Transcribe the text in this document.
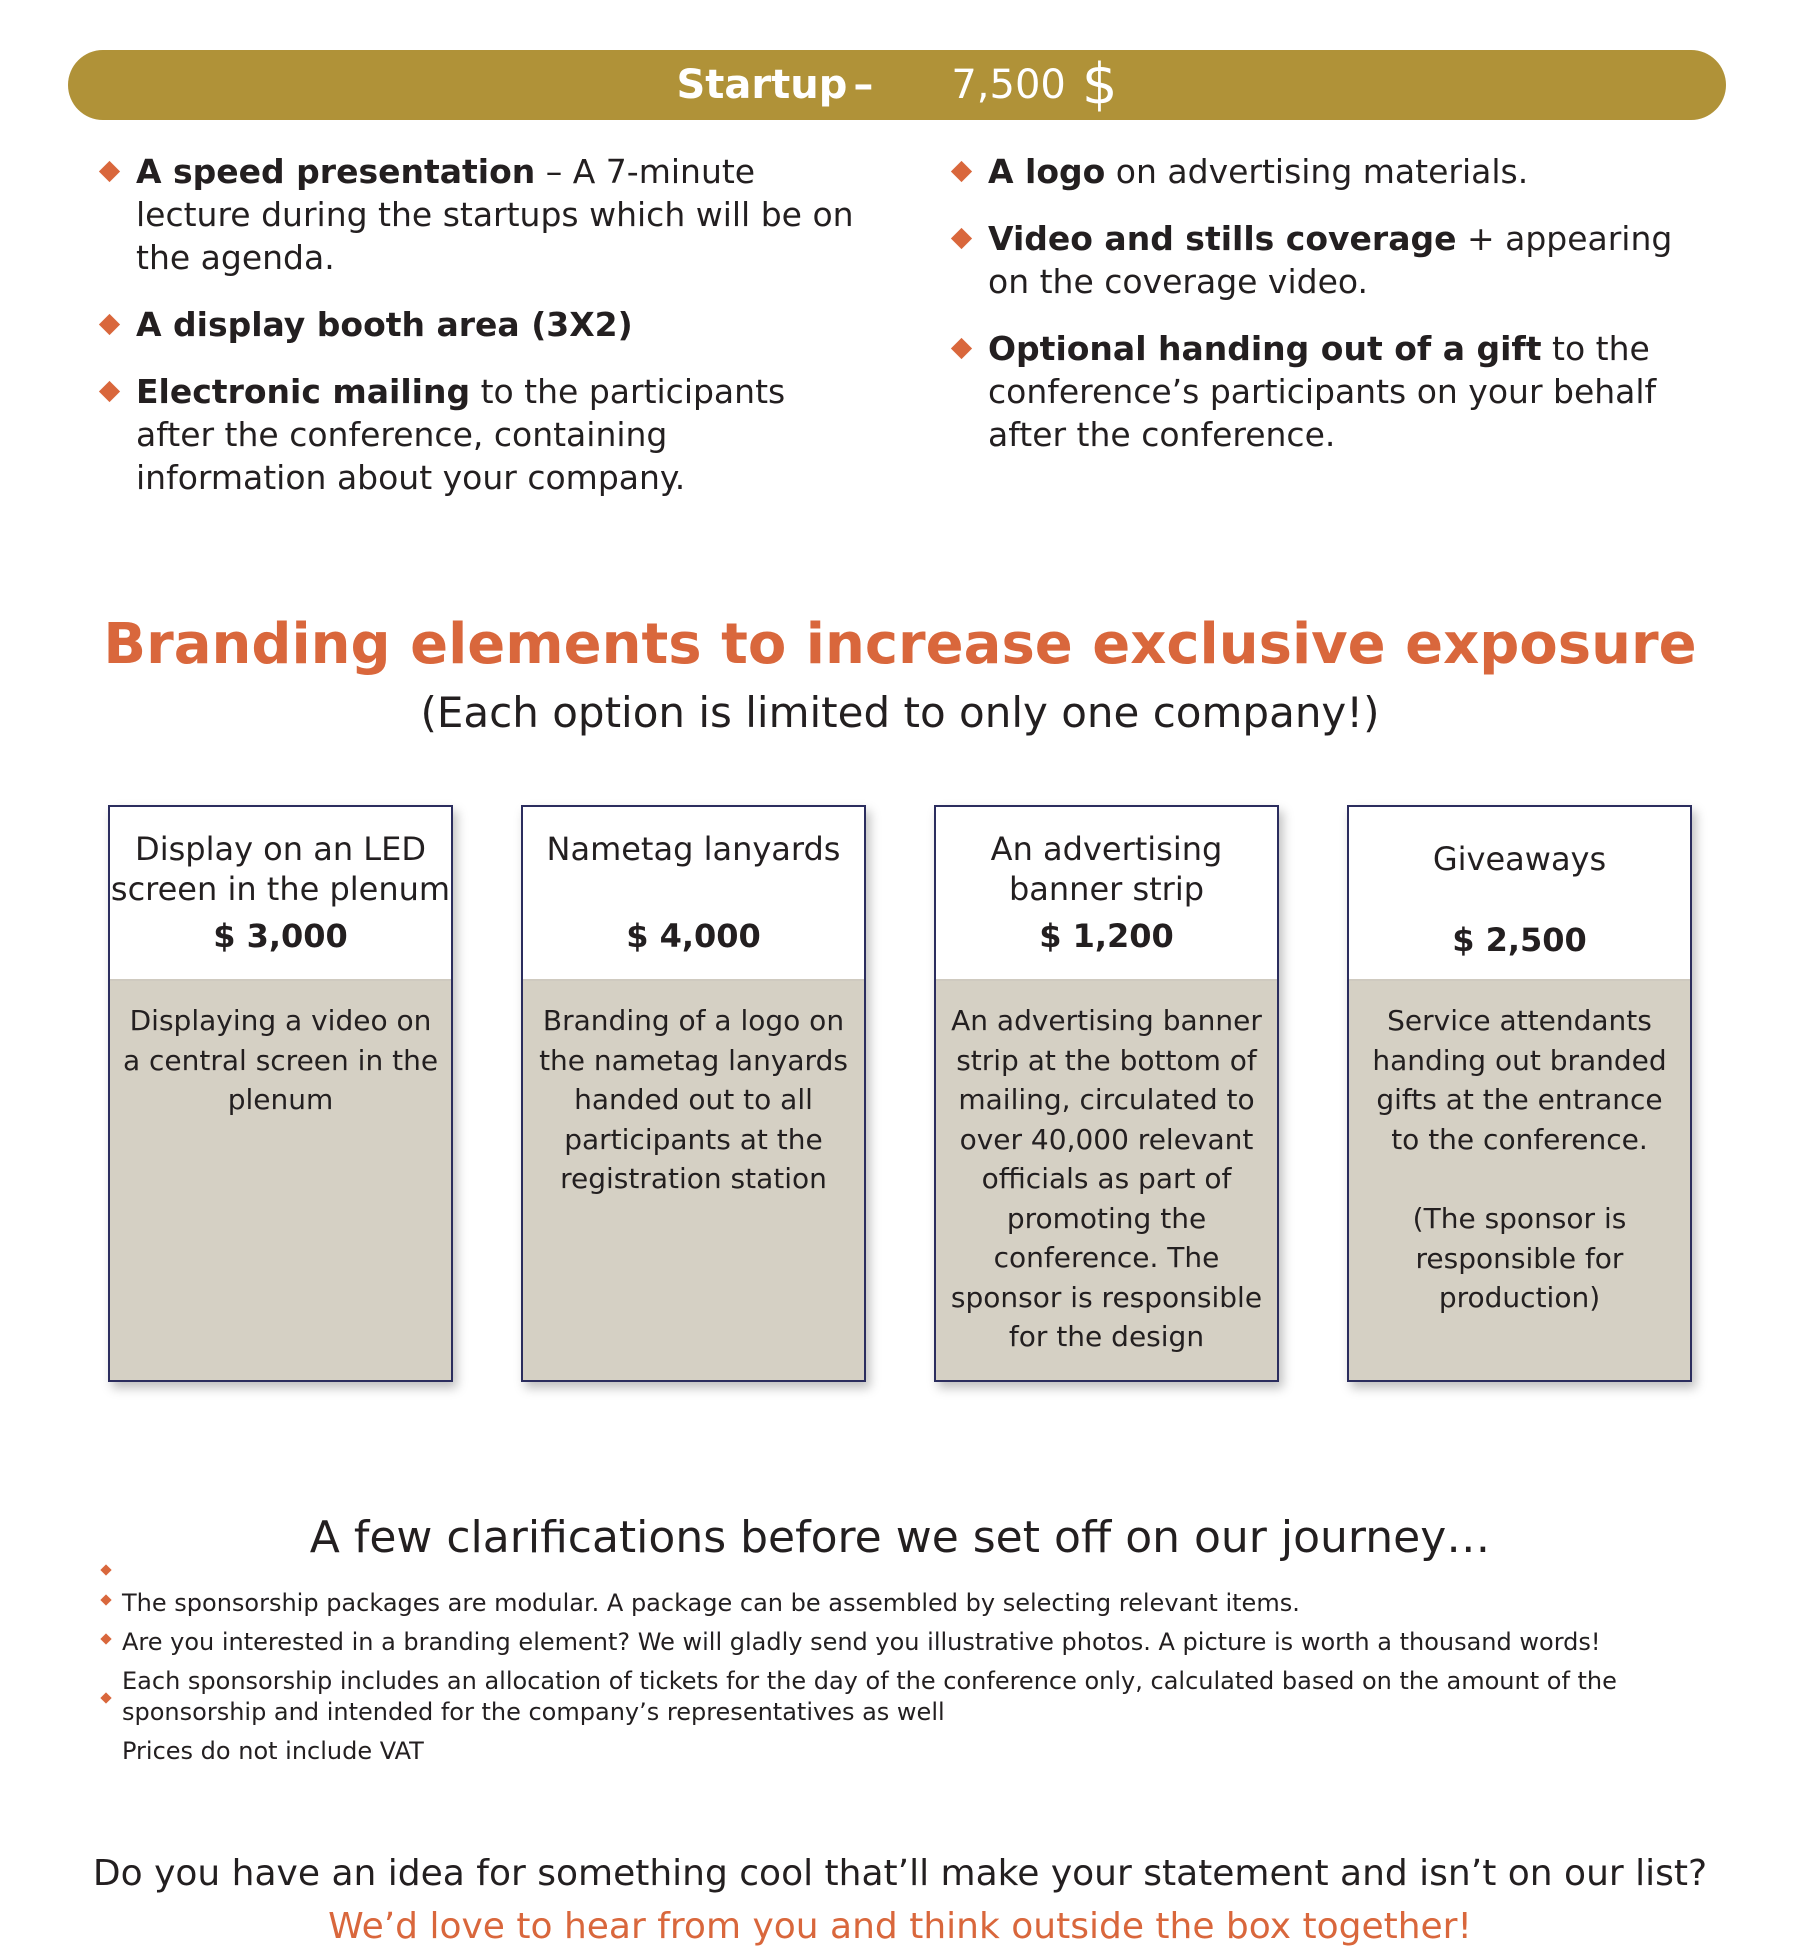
Startup – 7,500 $
A speed presentation – A 7-minute lecture during the startups which will be on the agenda.
A display booth area (3X2)
Electronic mailing to the participants after the conference, containing information about your company.
A logo on advertising materials.
Video and stills coverage + appearing on the coverage video.
Optional handing out of a gift to the conference’s participants on your behalf after the conference.
Branding elements to increase exclusive exposure
(Each option is limited to only one company!)
Display on an LED screen in the plenum
$ 3,000
Displaying a video on a central screen in the plenum
Nametag lanyards
$ 4,000
Branding of a logo on the nametag lanyards handed out to all participants at the registration station
An advertising banner strip
$ 1,200
An advertising banner strip at the bottom of mailing, circulated to over 40,000 relevant officials as part of promoting the conference. The sponsor is responsible for the design
Giveaways
$ 2,500
Service attendants handing out branded gifts at the entrance to the conference.
(The sponsor is responsible for production)
A few clarifications before we set off on our journey…
The sponsorship packages are modular. A package can be assembled by selecting relevant items.
Are you interested in a branding element? We will gladly send you illustrative photos. A picture is worth a thousand words!
Each sponsorship includes an allocation of tickets for the day of the conference only, calculated based on the amount of the sponsorship and intended for the company’s representatives as well
Prices do not include VAT
Do you have an idea for something cool that’ll make your statement and isn’t on our list?
We’d love to hear from you and think outside the box together!
